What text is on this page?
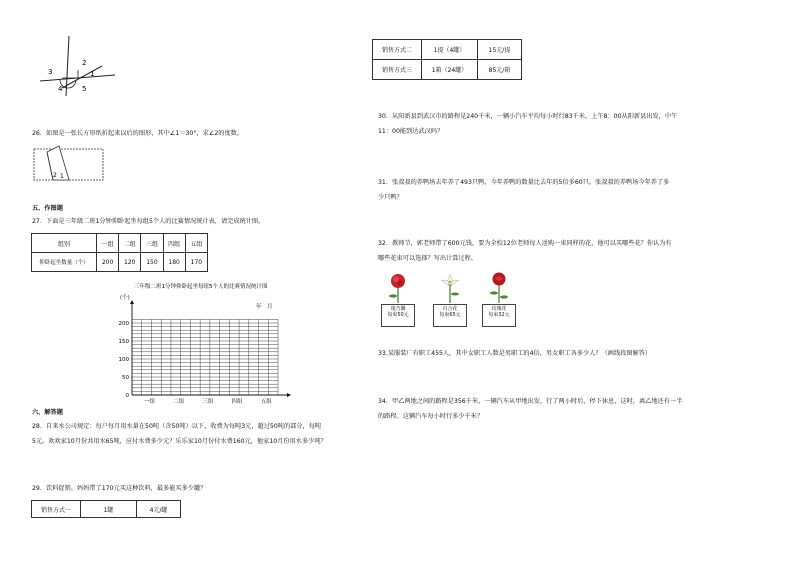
3
2
1
4	5
26．如图是一张长方形纸折起来以后的图形，其中∠1＝30°，求∠2的度数。
2 1
五、作图题
27．下面是三年级二班1分钟仰卧起坐每组5个人的比赛情况统计表，请完成统计图。
组别	一组	二组	三组	四组	五组
仰卧起坐数量（个）	200	120	150	180	170
三年级二班1分钟仰卧起坐每组5个人的比赛情况统计图
(个)
年　月
0
50
100
150
200
一组	二组	三组	四组	五组
六、解答题
28．自来水公司规定：每户每月用水量在50吨（含50吨）以下，收费为每吨3元，超过50吨的部分，每吨
5元。欢欢家10月份共用水65吨，应付水费多少元？乐乐家10月份付水费160元，他家10月份用水多少吨？
29．饮料促销。妈妈带了170元买这种饮料，最多能买多少罐？
销售方式一	1罐	4元/罐
销售方式二	1提（4罐）	15元/提
销售方式三	1箱（24罐）	85元/箱
30．从阳新县到武汉市的路程是240千米，一辆小汽车平均每小时行83千米，上午8：00从阳新县出发，中午
11：00能到达武汉吗？
31．张叔叔的养鸭场去年养了493只鸭，今年养鸭的数量比去年的5倍多60只。张叔叔的养鸭场今年养了多
少只鸭？
32．教师节，郭老师带了600元钱，要为全校12位老师每人送购一束同样的花，他可以买哪些花？你认为有
哪些花束可以选择？写出计算过程。
康乃馨
每束50元
百合花
每束65元
玫瑰花
每束32元
33.某服装厂有职工455人，其中女职工人数是男职工的4倍，男女职工各多少人？（画线段图解答）
34．甲乙两地之间的路程是356千米，一辆汽车从甲地出发，行了两小时后，停下休息，这时，离乙地还有一半
的路程。这辆汽车每小时行多少千米？
